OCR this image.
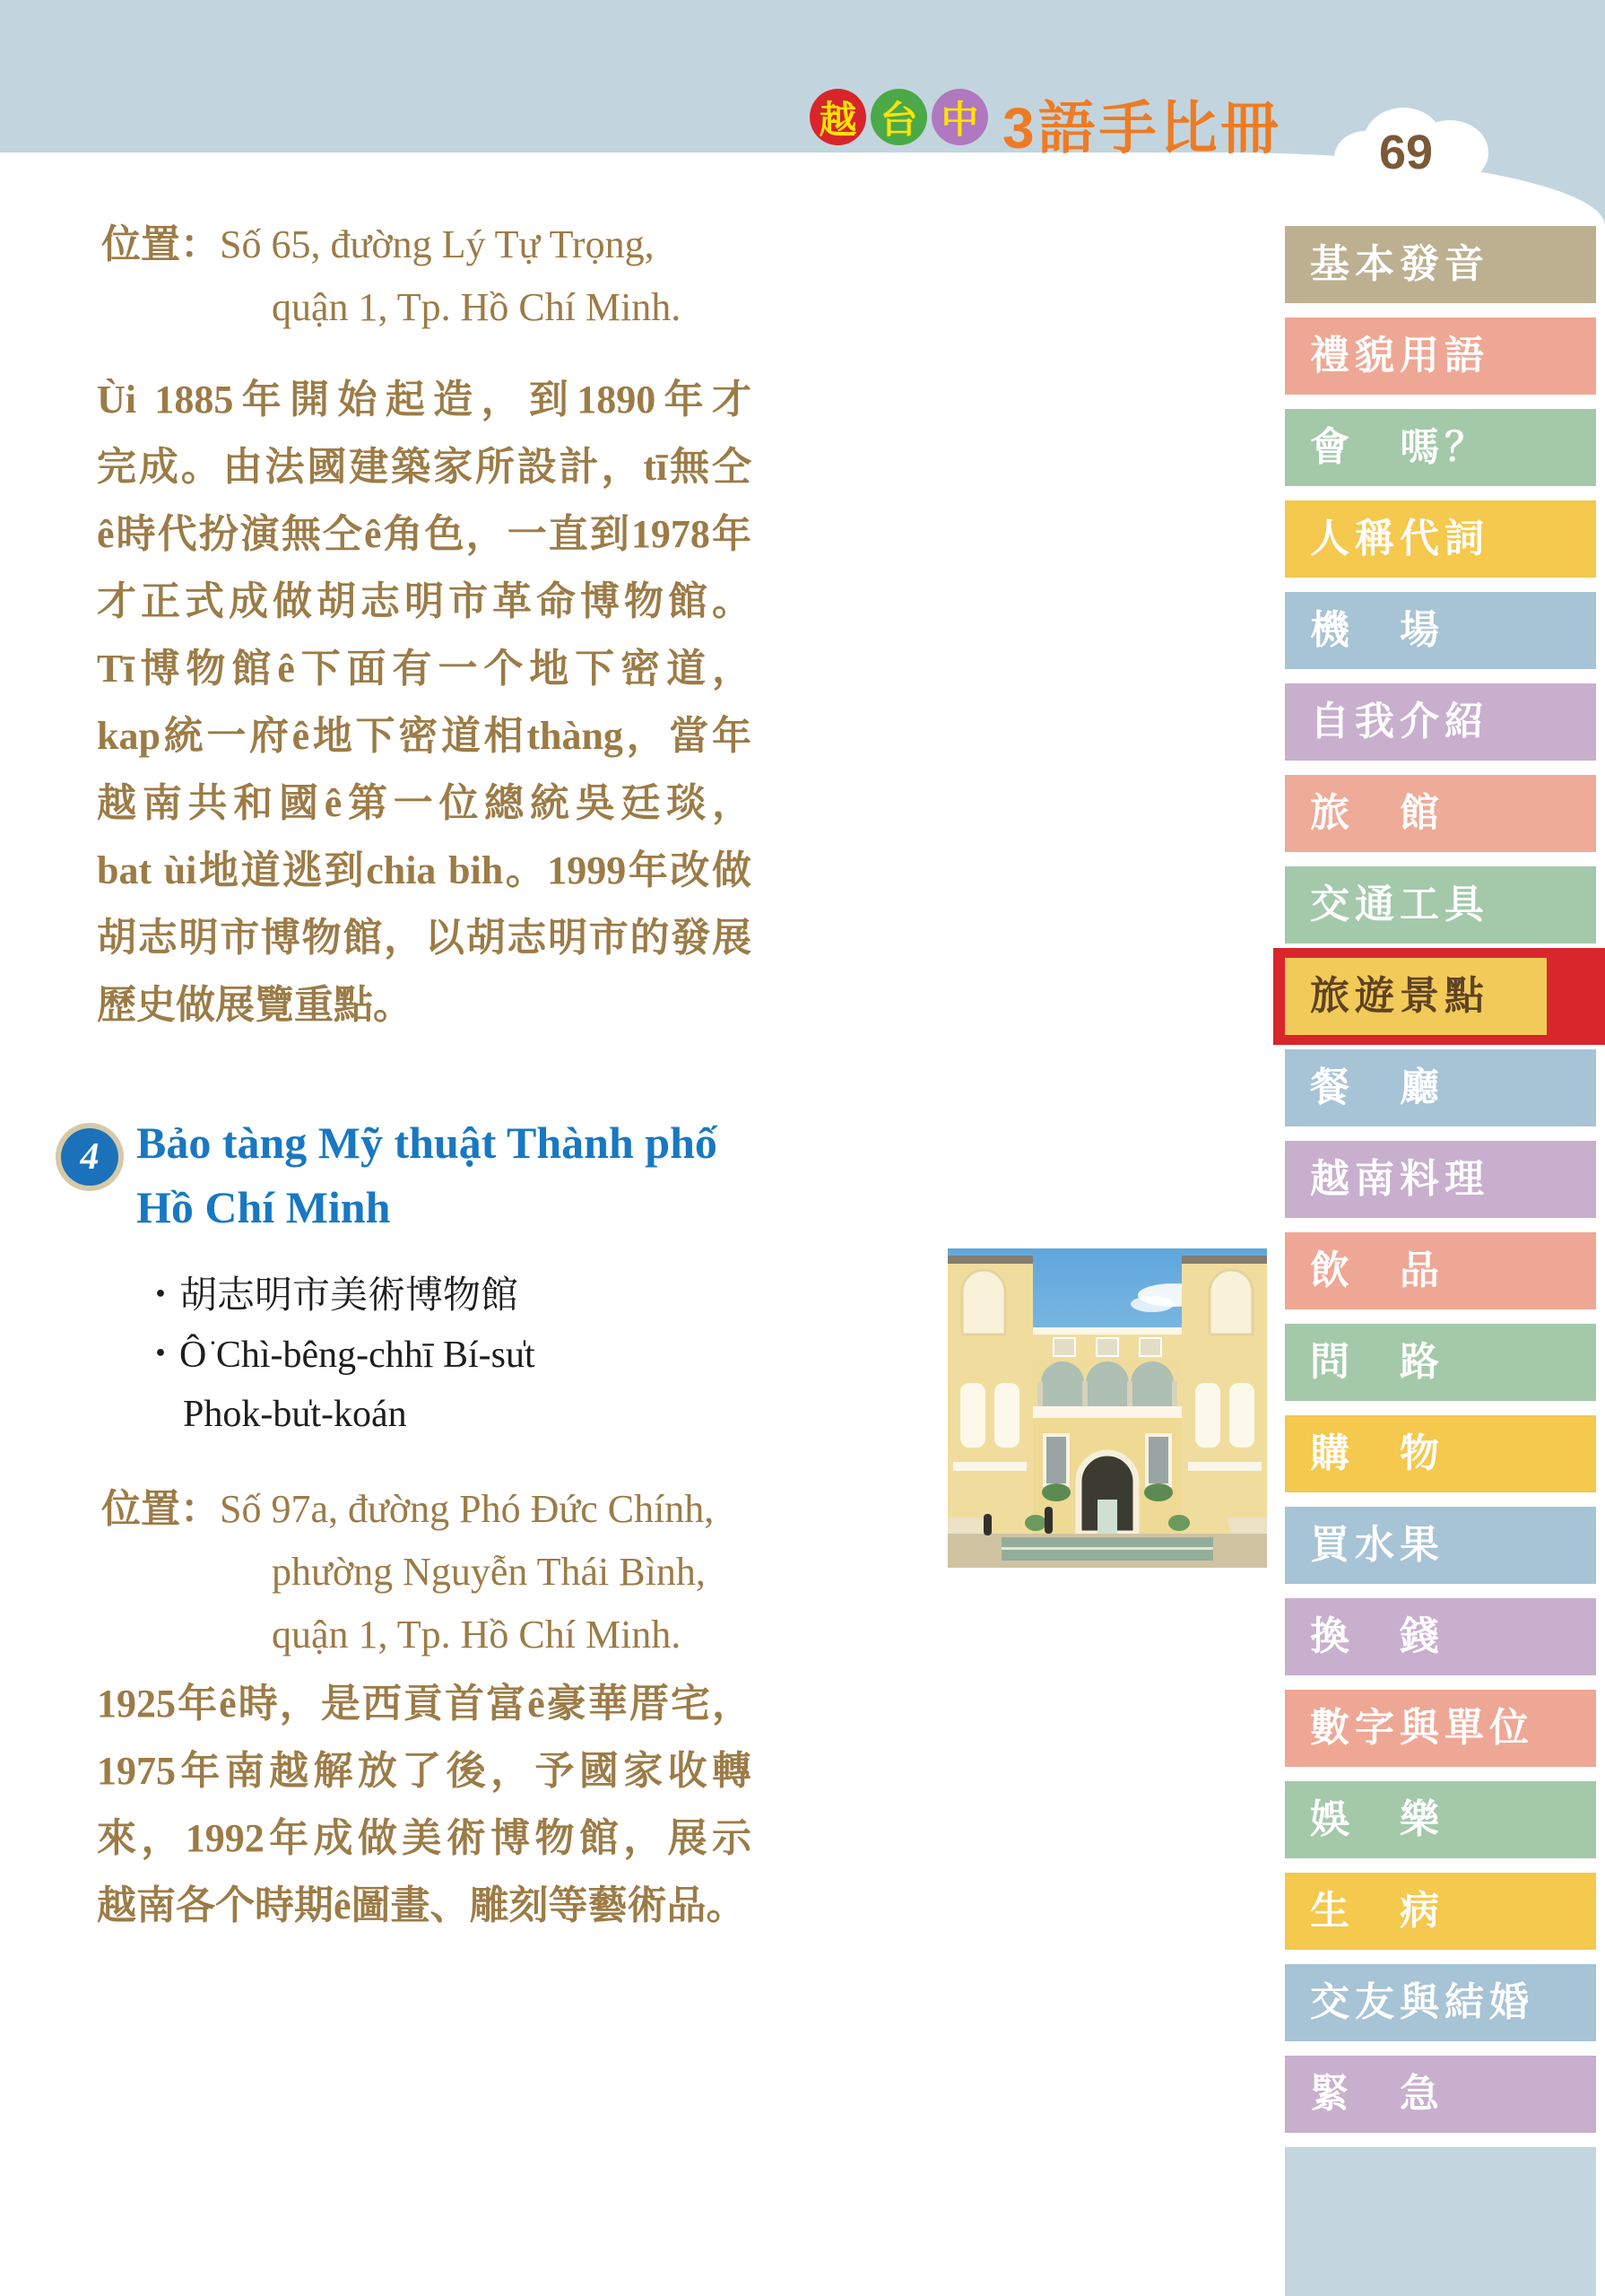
越 台 中 3語手比冊	69
位置：Số 65, đường Lý Tự Trọng,
quận 1, Tp. Hồ Chí Minh.
Ùi 1885年開始起造，到1890年才
完成。由法國建築家所設計，tī無仝
ê時代扮演無仝ê角色，一直到1978年
才正式成做胡志明市革命博物館。
Tī博物館ê下面有一个地下密道，
kap統一府ê地下密道相thàng，當年
越南共和國ê第一位總統吳廷琰，
bat ùi地道逃到chia bih。1999年改做
胡志明市博物館，以胡志明市的發展
歷史做展覽重點。
4 Bảo tàng Mỹ thuật Thành phố
Hồ Chí Minh
・胡志明市美術博物館
・Ô͘ Chì-bêng-chhī Bí-su̍t
Phok-bu̍t-koán
位置：Số 97a, đường Phó Đức Chính,
phường Nguyễn Thái Bình,
quận 1, Tp. Hồ Chí Minh.
1925年ê時，是西貢首富ê豪華厝宅，
1975年南越解放了後，予國家收轉
來，1992年成做美術博物館，展示
越南各个時期ê圖畫、雕刻等藝術品。
基本發音
禮貌用語
會　嗎？
人稱代詞
機　場
自我介紹
旅　館
交通工具
旅遊景點
餐　廳
越南料理
飲　品
問　路
購　物
買水果
換　錢
數字與單位
娛　樂
生　病
交友與結婚
緊　急
